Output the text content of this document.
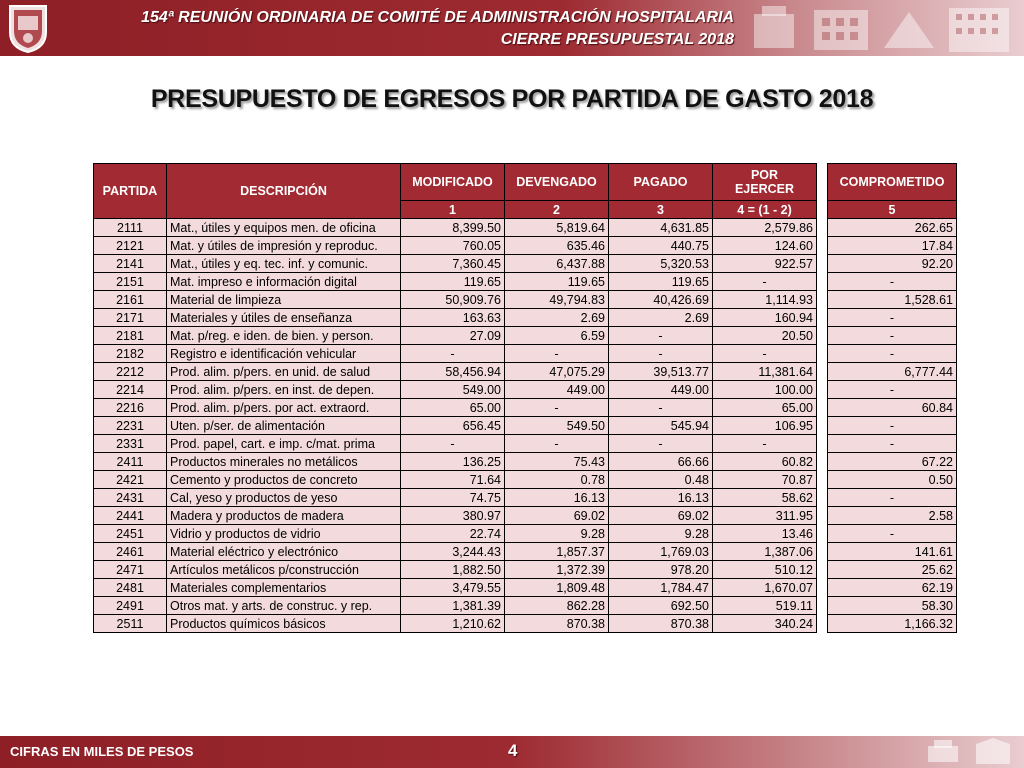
154ª REUNIÓN ORDINARIA DE COMITÉ DE ADMINISTRACIÓN HOSPITALARIA
CIERRE PRESUPUESTAL 2018
PRESUPUESTO DE EGRESOS POR PARTIDA DE GASTO 2018
PARTIDA	DESCRIPCIÓN	MODIFICADO	DEVENGADO	PAGADO	POR
EJERCER		COMPROMETIDO
		1	2	3	4 = (1 - 2)		5
2111	Mat., útiles y equipos men. de oficina	8,399.50	5,819.64	4,631.85	2,579.86		262.65
2121	Mat. y útiles de impresión y reproduc.	760.05	635.46	440.75	124.60		17.84
2141	Mat., útiles y eq. tec. inf. y comunic.	7,360.45	6,437.88	5,320.53	922.57		92.20
2151	Mat. impreso e información digital	119.65	119.65	119.65	-		-
2161	Material de limpieza	50,909.76	49,794.83	40,426.69	1,114.93		1,528.61
2171	Materiales y útiles de enseñanza	163.63	2.69	2.69	160.94		-
2181	Mat. p/reg. e iden. de bien. y person.	27.09	6.59	-	20.50		-
2182	Registro e identificación vehicular	-	-	-	-		-
2212	Prod. alim. p/pers. en unid. de salud	58,456.94	47,075.29	39,513.77	11,381.64		6,777.44
2214	Prod. alim. p/pers. en inst. de depen.	549.00	449.00	449.00	100.00		-
2216	Prod. alim. p/pers. por act. extraord.	65.00	-	-	65.00		60.84
2231	Uten. p/ser. de alimentación	656.45	549.50	545.94	106.95		-
2331	Prod. papel, cart. e imp. c/mat. prima	-	-	-	-		-
2411	Productos minerales no metálicos	136.25	75.43	66.66	60.82		67.22
2421	Cemento y productos de concreto	71.64	0.78	0.48	70.87		0.50
2431	Cal, yeso y productos de yeso	74.75	16.13	16.13	58.62		-
2441	Madera y productos de madera	380.97	69.02	69.02	311.95		2.58
2451	Vidrio y productos de vidrio	22.74	9.28	9.28	13.46		-
2461	Material eléctrico y electrónico	3,244.43	1,857.37	1,769.03	1,387.06		141.61
2471	Artículos metálicos p/construcción	1,882.50	1,372.39	978.20	510.12		25.62
2481	Materiales complementarios	3,479.55	1,809.48	1,784.47	1,670.07		62.19
2491	Otros mat. y arts. de construc. y rep.	1,381.39	862.28	692.50	519.11		58.30
2511	Productos químicos básicos	1,210.62	870.38	870.38	340.24		1,166.32
CIFRAS EN MILES DE PESOS	4
